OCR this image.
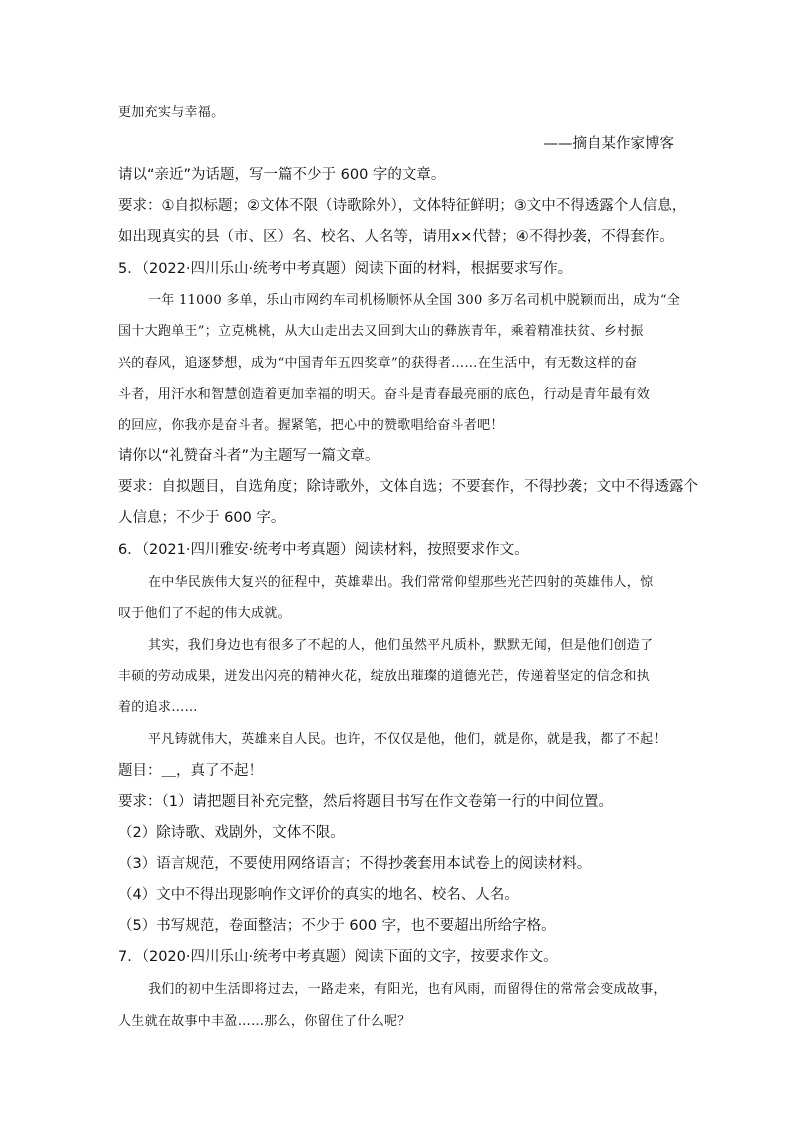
更加充实与幸福。
——摘自某作家博客
请以“亲近”为话题，写一篇不少于 600 字的文章。
要求：①自拟标题；②文体不限（诗歌除外），文体特征鲜明；③文中不得透露个人信息，
如出现真实的县（市、区）名、校名、人名等，请用x×代替；④不得抄袭，不得套作。
5．（2022·四川乐山·统考中考真题）阅读下面的材料，根据要求写作。
一年 11000 多单，乐山市网约车司机杨顺怀从全国 300 多万名司机中脱颖而出，成为“全
国十大跑单王”；立克桃桃，从大山走出去又回到大山的彝族青年，乘着精准扶贫、乡村振
兴的春风，追逐梦想，成为“中国青年五四奖章”的获得者……在生活中，有无数这样的奋
斗者，用汗水和智慧创造着更加幸福的明天。奋斗是青春最亮丽的底色，行动是青年最有效
的回应，你我亦是奋斗者。握紧笔，把心中的赞歌唱给奋斗者吧！
请你以“礼赞奋斗者”为主题写一篇文章。
要求：自拟题目，自选角度；除诗歌外，文体自选；不要套作，不得抄袭；文中不得透露个
人信息；不少于 600 字。
6．（2021·四川雅安·统考中考真题）阅读材料，按照要求作文。
在中华民族伟大复兴的征程中，英雄辈出。我们常常仰望那些光芒四射的英雄伟人，惊
叹于他们了不起的伟大成就。
其实，我们身边也有很多了不起的人，他们虽然平凡质朴，默默无闻，但是他们创造了
丰硕的劳动成果，迸发出闪亮的精神火花，绽放出璀璨的道德光芒，传递着坚定的信念和执
着的追求……
平凡铸就伟大，英雄来自人民。也许，不仅仅是他，他们，就是你，就是我，都了不起！
题目：＿，真了不起！
要求：（1）请把题目补充完整，然后将题目书写在作文卷第一行的中间位置。
（2）除诗歌、戏剧外，文体不限。
（3）语言规范，不要使用网络语言；不得抄袭套用本试卷上的阅读材料。
（4）文中不得出现影响作文评价的真实的地名、校名、人名。
（5）书写规范，卷面整洁；不少于 600 字，也不要超出所给字格。
7．（2020·四川乐山·统考中考真题）阅读下面的文字，按要求作文。
我们的初中生活即将过去，一路走来，有阳光，也有风雨，而留得住的常常会变成故事，
人生就在故事中丰盈……那么，你留住了什么呢？
